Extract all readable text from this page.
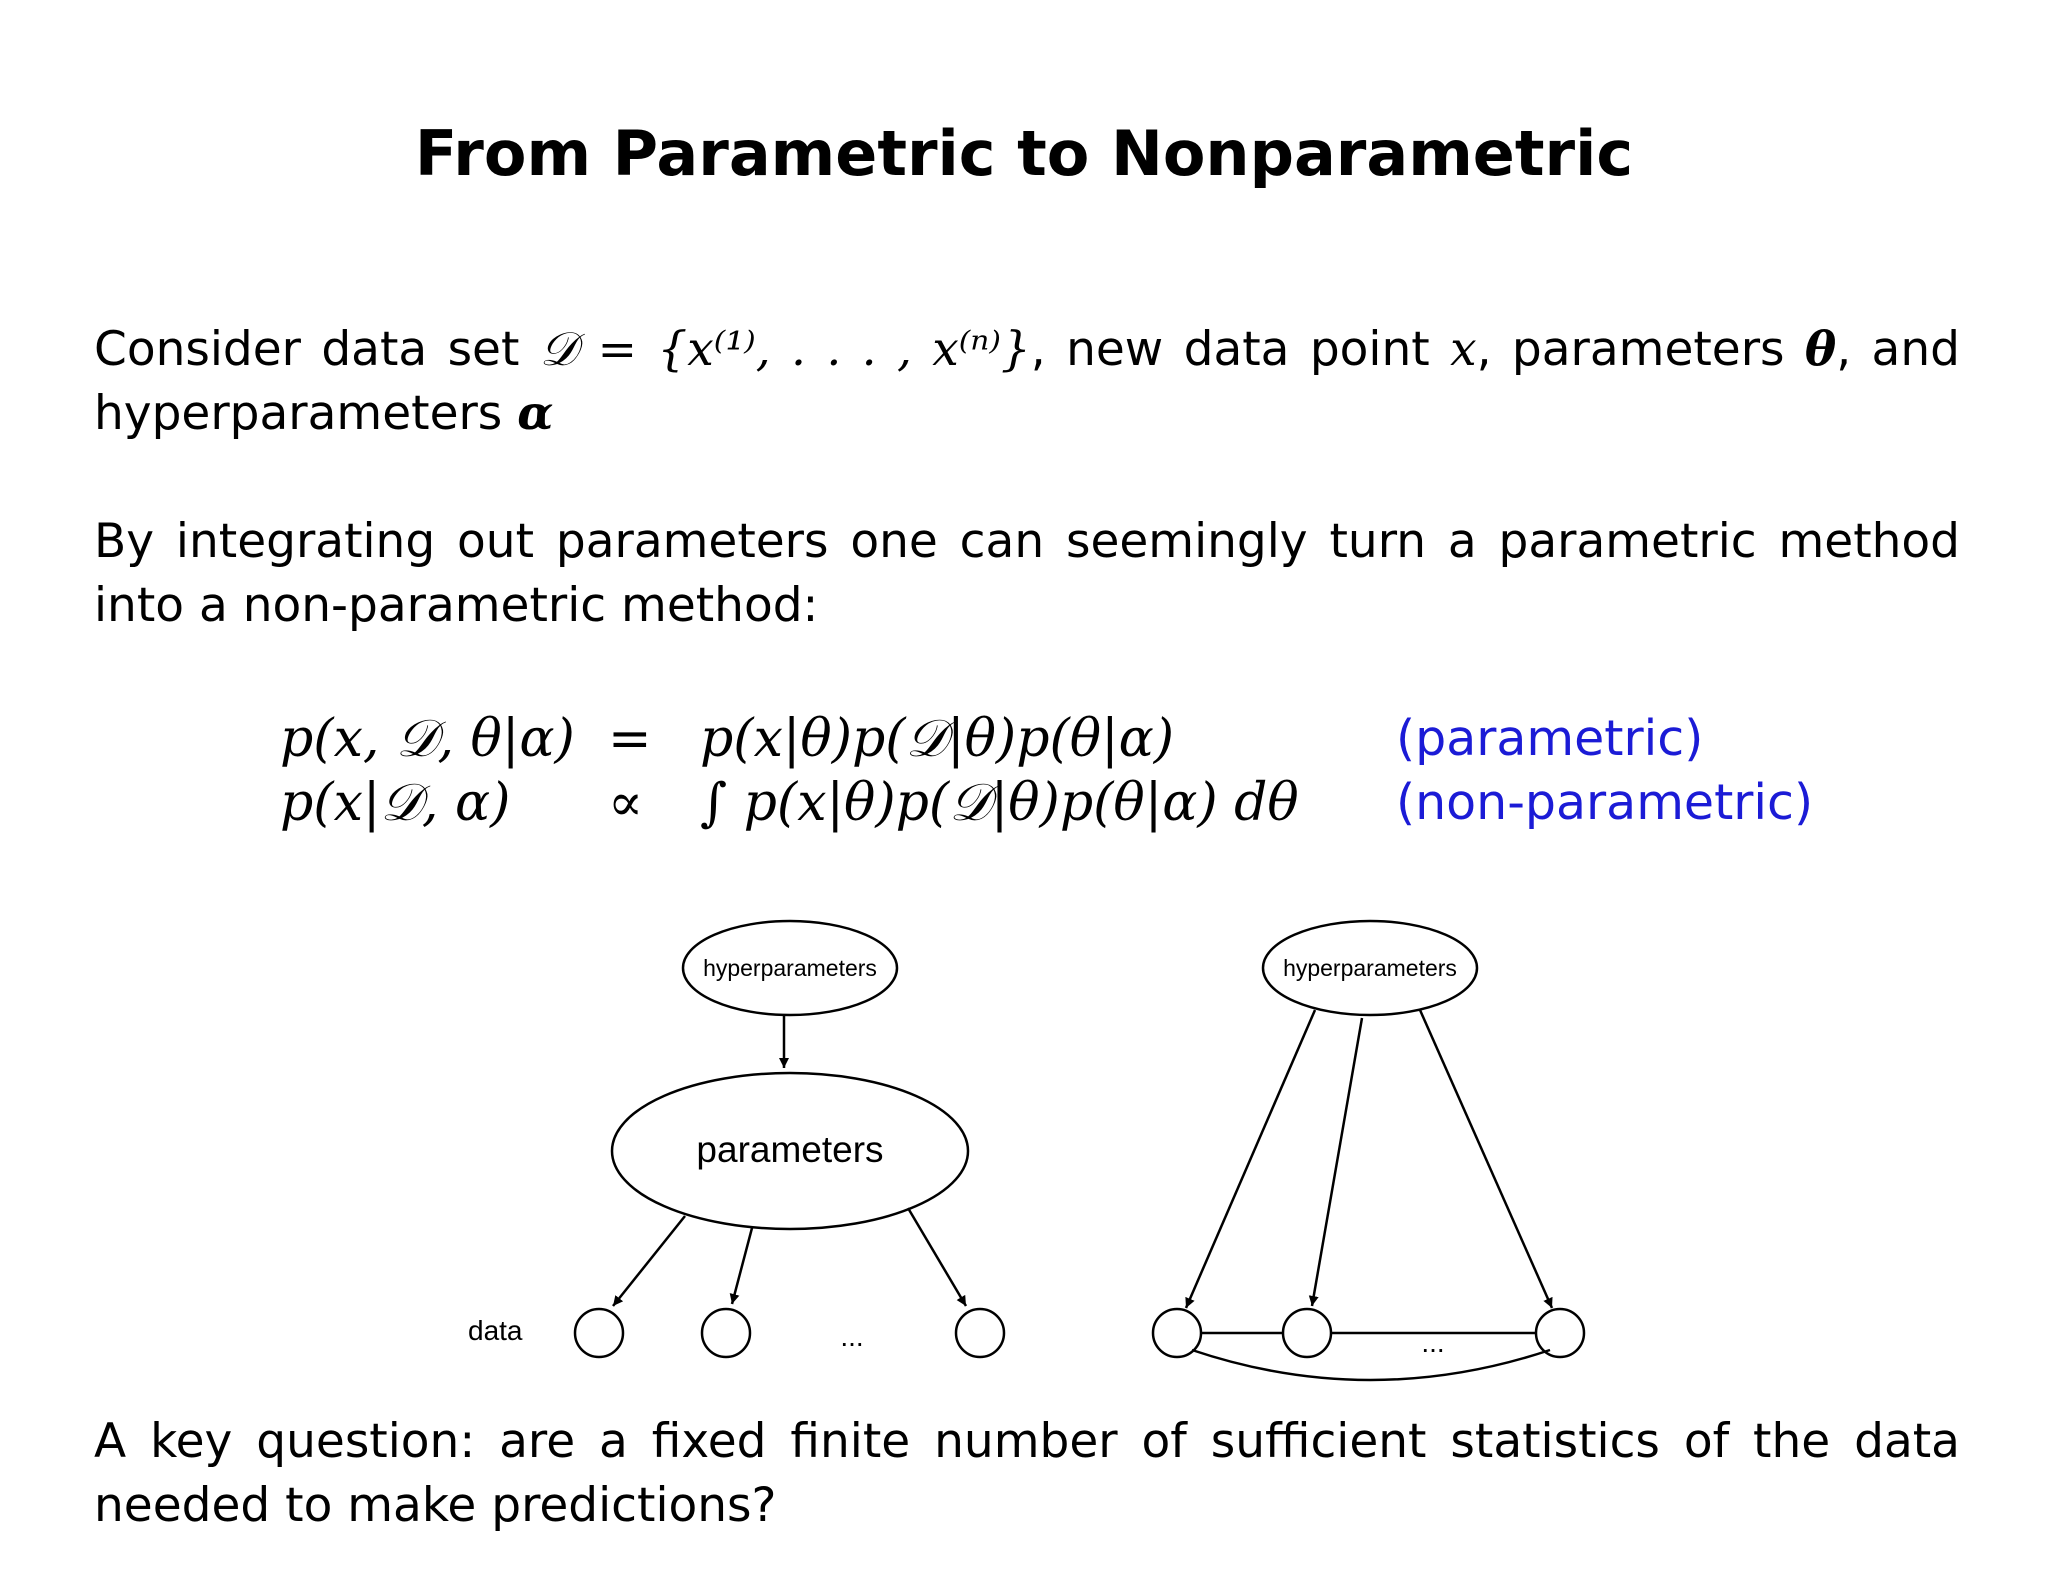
From Parametric to Nonparametric
Consider data set 𝒟 = {x⁽¹⁾, . . . , x⁽ⁿ⁾}, new data point x, parameters θ, and hyperparameters α
By integrating out parameters one can seemingly turn a parametric method into a non-parametric method:
p(x, 𝒟, θ|α) = p(x|θ)p(𝒟|θ)p(θ|α)	(parametric)
p(x|𝒟, α) ∝ ∫ p(x|θ)p(𝒟|θ)p(θ|α) dθ (non-parametric)
hyperparameters
parameters
data	...
hyperparameters
...
A key question: are a fixed finite number of sufficient statistics of the data needed to make predictions?
